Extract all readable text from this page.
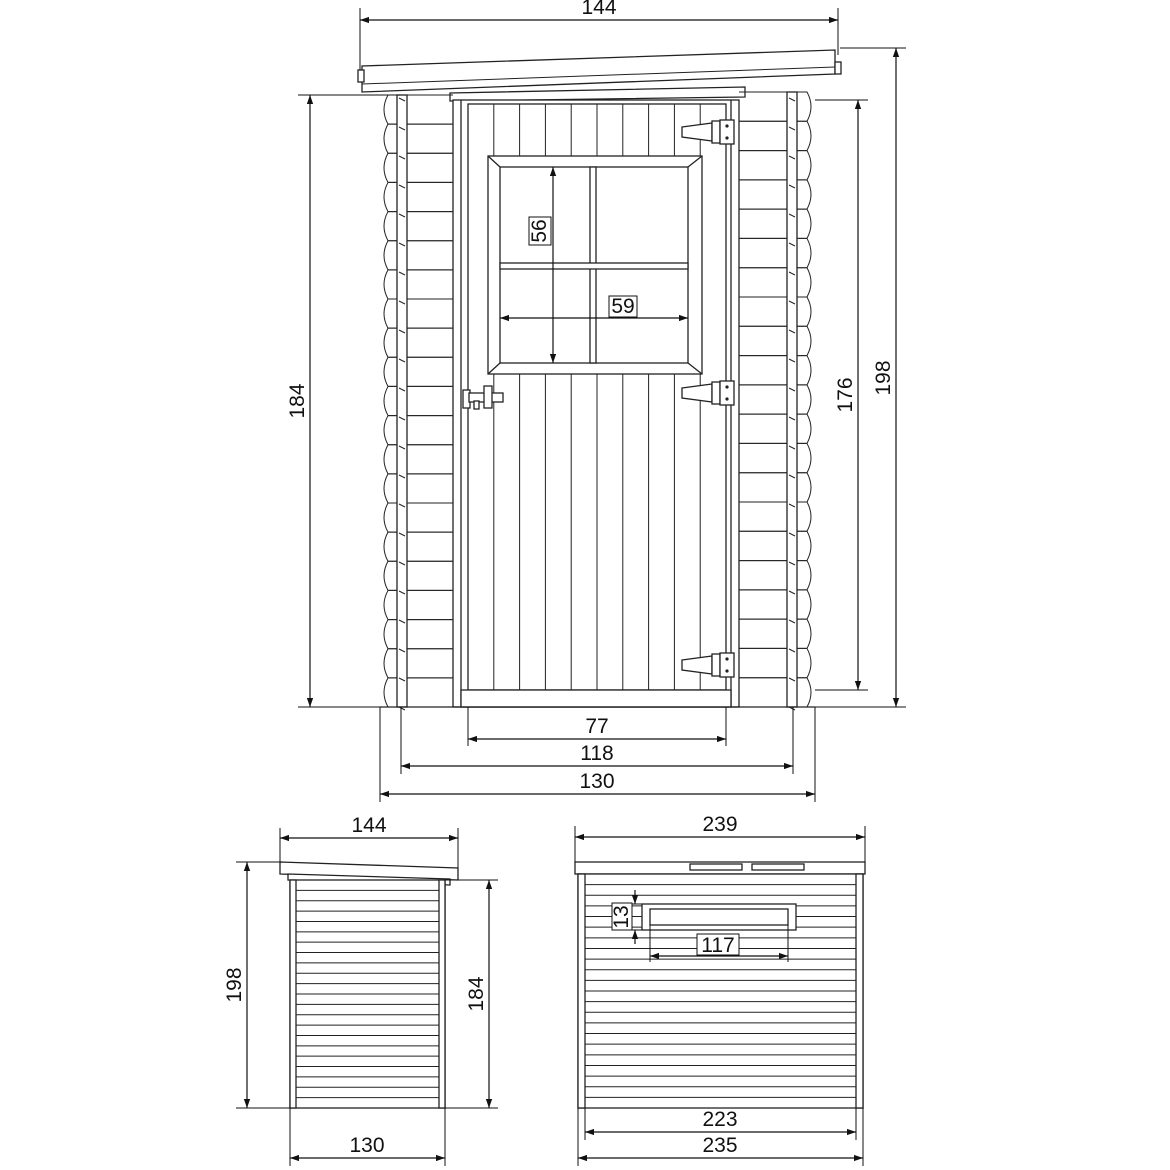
144
184	176 198
56
59
77
118
130
144
198	184
130
13
117
239
223
235
